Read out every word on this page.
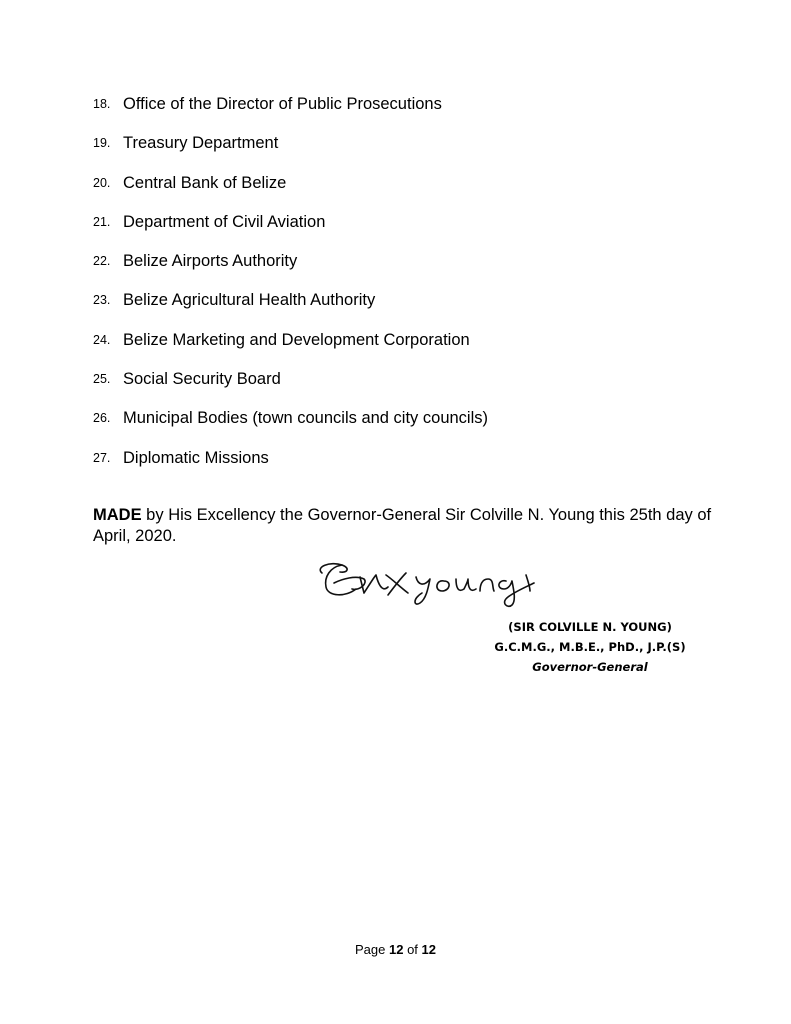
18. Office of the Director of Public Prosecutions
19. Treasury Department
20. Central Bank of Belize
21. Department of Civil Aviation
22. Belize Airports Authority
23. Belize Agricultural Health Authority
24. Belize Marketing and Development Corporation
25. Social Security Board
26. Municipal Bodies (town councils and city councils)
27. Diplomatic Missions

MADE by His Excellency the Governor-General Sir Colville N. Young this 25th day of April, 2020.

(SIR COLVILLE N. YOUNG)
G.C.M.G., M.B.E., PhD., J.P.(S)
Governor-General
Page 12 of 12
